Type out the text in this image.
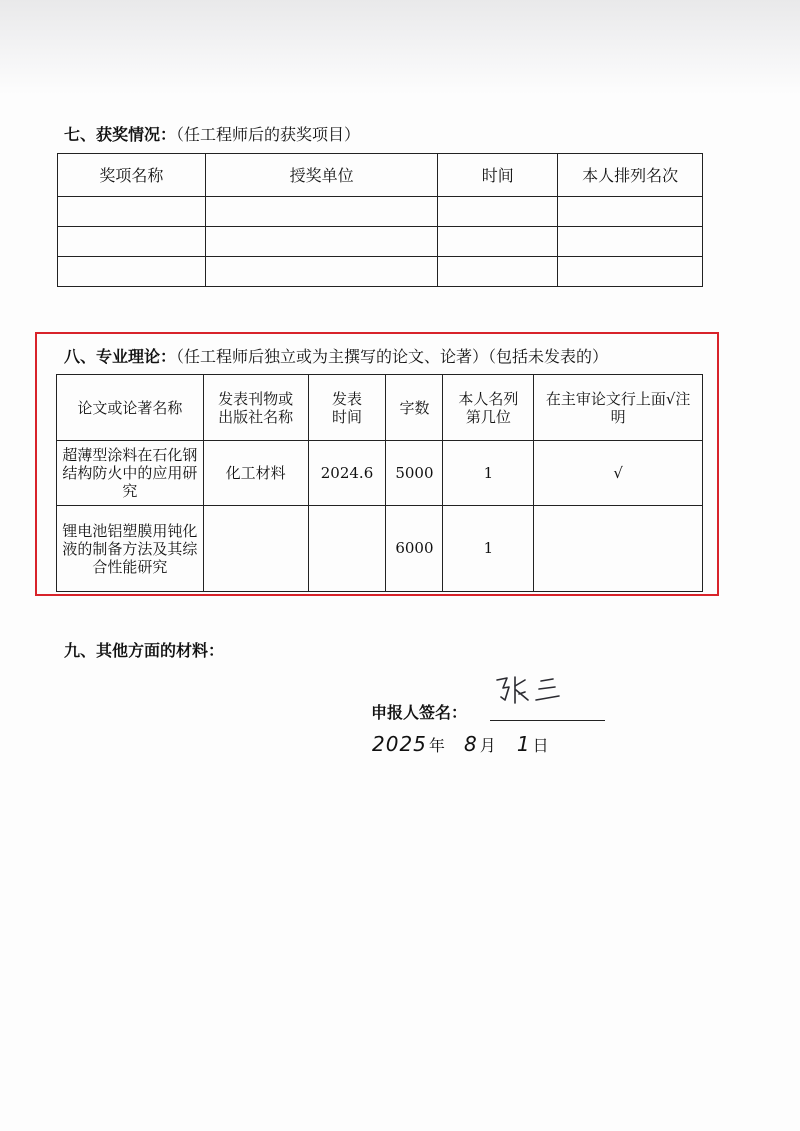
七、获奖情况：（任工程师后的获奖项目）
奖项名称	授奖单位	时间	本人排列名次

八、专业理论：（任工程师后独立或为主撰写的论文、论著）（包括未发表的）
论文或论著名称	发表刊物或出版社名称	发表时间	字数	本人名列第几位	在主审论文行上面√注明

超薄型涂料在石化钢结构防火中的应用研究	化工材料	2024.6	5000	1	√

锂电池铝塑膜用钝化液的制备方法及其综合性能研究			6000	1	
九、其他方面的材料：
申报人签名：
2025 年 8 月 1 日
